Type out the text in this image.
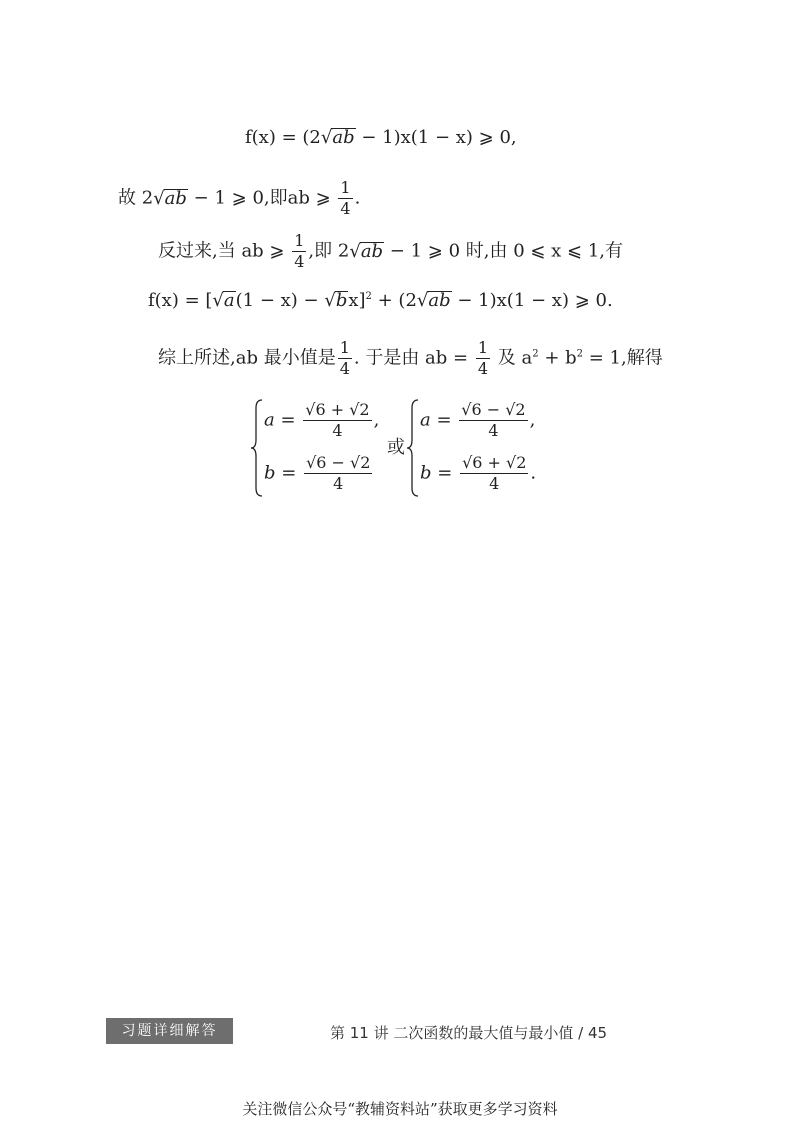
f(x) = (2√ab − 1)x(1 − x) ⩾ 0,
故 2√ab − 1 ⩾ 0,即ab ⩾ $\frac{1}{4}$ .
反过来,当 ab ⩾ $\frac{1}{4}$ ,即 2√ab − 1 ⩾ 0 时,由 0 ⩽ x ⩽ 1,有
$f(x) = [√a(1 - x) - √bx]^2 + (2√ab - 1)x(1 - x)$ ⩾ 0.
综上所述,ab 最小值是 $\frac{1}{4}$ . 于是由 ab = $\frac{1}{4}$ 及 $a^2 + b^2 = 1$,解得
$a = \frac{√6 + √2}{4}$ ,
$b = \frac{√6 - √2}{4}$
或
$a = \frac{√6 - √2}{4}$ ,
$b = \frac{√6 + √2}{4}$ .
习题详细解答	第 11 讲 二次函数的最大值与最小值 / 45
关注微信公众号“教辅资料站”获取更多学习资料
